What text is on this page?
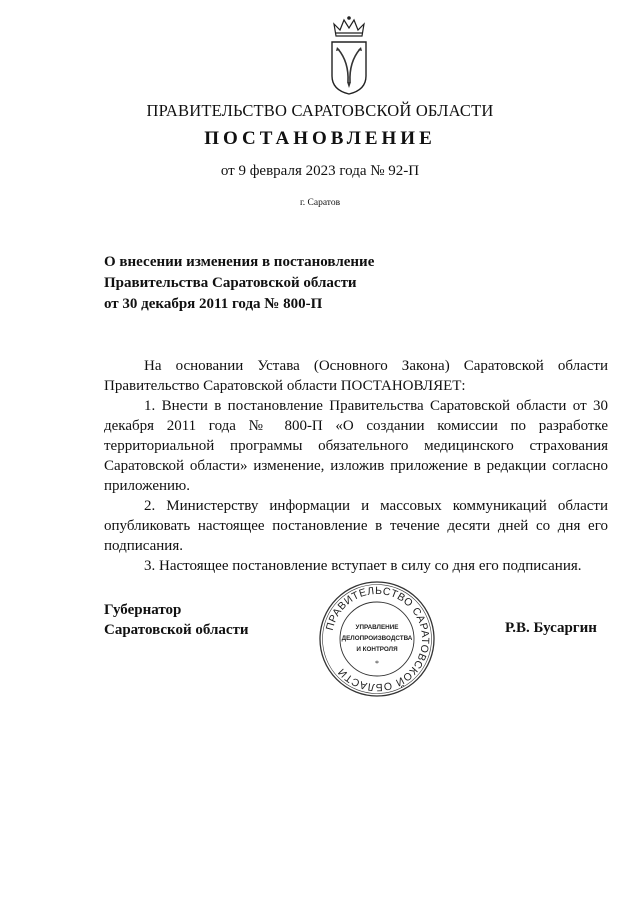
ПРАВИТЕЛЬСТВО САРАТОВСКОЙ ОБЛАСТИ
ПОСТАНОВЛЕНИЕ
от 9 февраля 2023 года № 92-П
г. Саратов
О внесении изменения в постановление
Правительства Саратовской области
от 30 декабря 2011 года № 800-П

На основании Устава (Основного Закона) Саратовской области Правительство Саратовской области ПОСТАНОВЛЯЕТ:

1. Внести в постановление Правительства Саратовской области от 30 декабря 2011 года № 800-П «О создании комиссии по разработке территориальной программы обязательного медицинского страхования Саратовской области» изменение, изложив приложение в редакции согласно приложению.

2. Министерству информации и массовых коммуникаций области опубликовать настоящее постановление в течение десяти дней со дня его подписания.

3. Настоящее постановление вступает в силу со дня его подписания.

Губернатор
Саратовской области	ПРАВИТЕЛЬСТВО САРАТОВСКОЙ ОБЛАСТИ
УПРАВЛЕНИЕ
ДЕЛОПРОИЗВОДСТВА
И КОНТРОЛЯ
*
Р.В. Бусаргин
